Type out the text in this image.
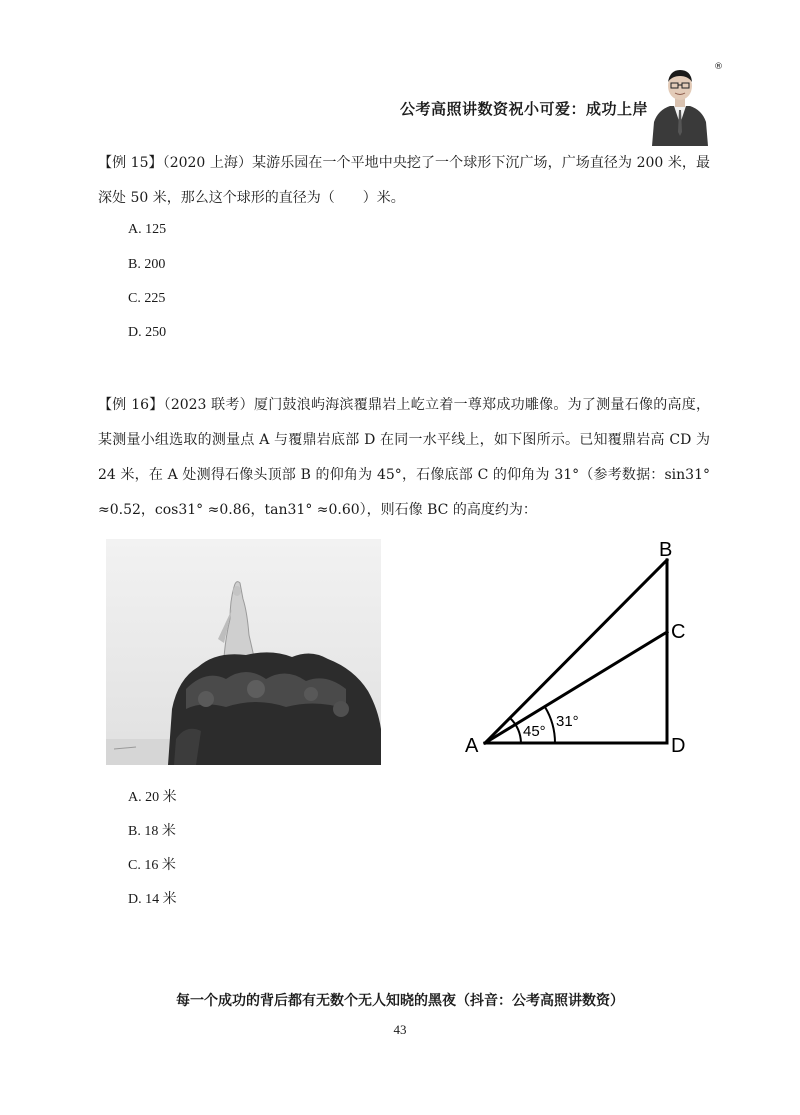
公考高照讲数资祝小可爱：成功上岸
®
【例 15】（2020 上海）某游乐园在一个平地中央挖了一个球形下沉广场，广场直径为 200 米，最深处 50 米，那么这个球形的直径为（　　）米。
A. 125
B. 200
C. 225
D. 250
【例 16】（2023 联考）厦门鼓浪屿海滨覆鼎岩上屹立着一尊郑成功雕像。为了测量石像的高度，某测量小组选取的测量点 A 与覆鼎岩底部 D 在同一水平线上，如下图所示。已知覆鼎岩高 CD 为 24 米，在 A 处测得石像头顶部 B 的仰角为 45°，石像底部 C 的仰角为 31°（参考数据：sin31° ≈0.52，cos31° ≈0.86，tan31° ≈0.60），则石像 BC 的高度约为：
A
B
C
D
45°
31°
A. 20 米
B. 18 米
C. 16 米
D. 14 米
每一个成功的背后都有无数个无人知晓的黑夜（抖音：公考高照讲数资）
43
